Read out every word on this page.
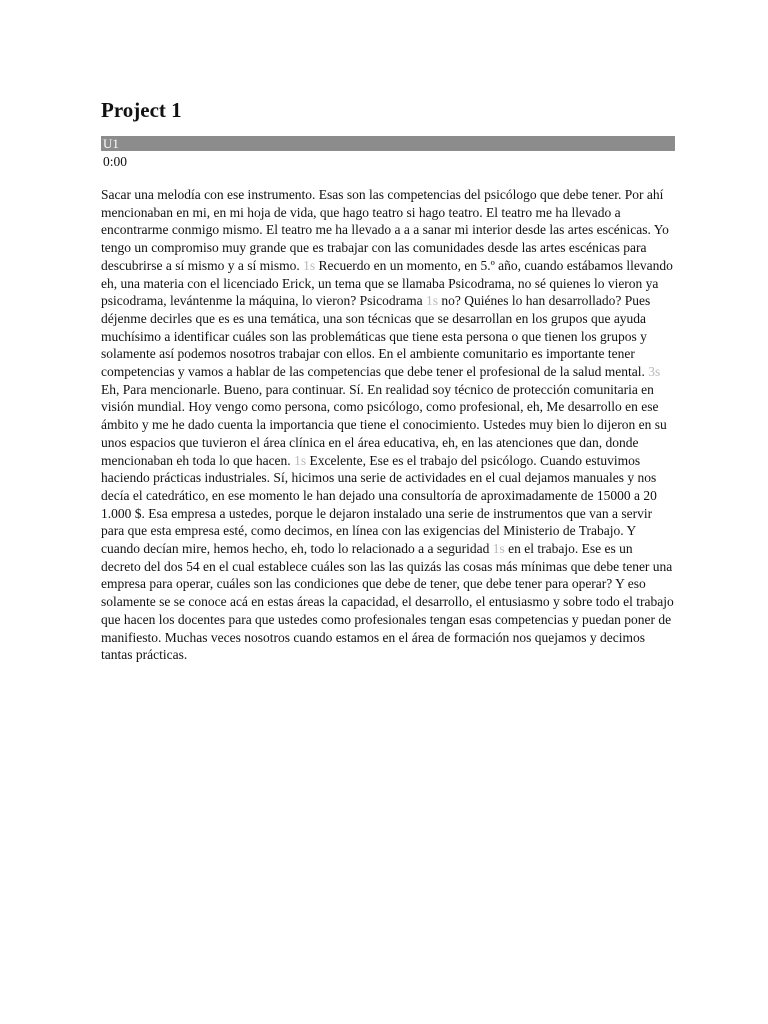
Project 1
U1
0:00
Sacar una melodía con ese instrumento. Esas son las competencias del psicólogo que debe tener. Por ahí mencionaban en mi, en mi hoja de vida, que hago teatro si hago teatro. El teatro me ha llevado a encontrarme conmigo mismo. El teatro me ha llevado a a a sanar mi interior desde las artes escénicas. Yo tengo un compromiso muy grande que es trabajar con las comunidades desde las artes escénicas para descubrirse a sí mismo y a sí mismo. 1s Recuerdo en un momento, en 5.º año, cuando estábamos llevando eh, una materia con el licenciado Erick, un tema que se llamaba Psicodrama, no sé quienes lo vieron ya psicodrama, levántenme la máquina, lo vieron? Psicodrama 1s no? Quiénes lo han desarrollado? Pues déjenme decirles que es es una temática, una son técnicas que se desarrollan en los grupos que ayuda muchísimo a identificar cuáles son las problemáticas que tiene esta persona o que tienen los grupos y solamente así podemos nosotros trabajar con ellos. En el ambiente comunitario es importante tener competencias y vamos a hablar de las competencias que debe tener el profesional de la salud mental. 3s Eh, Para mencionarle. Bueno, para continuar. Sí. En realidad soy técnico de protección comunitaria en visión mundial. Hoy vengo como persona, como psicólogo, como profesional, eh, Me desarrollo en ese ámbito y me he dado cuenta la importancia que tiene el conocimiento. Ustedes muy bien lo dijeron en su unos espacios que tuvieron el área clínica en el área educativa, eh, en las atenciones que dan, donde mencionaban eh toda lo que hacen. 1s Excelente, Ese es el trabajo del psicólogo. Cuando estuvimos haciendo prácticas industriales. Sí, hicimos una serie de actividades en el cual dejamos manuales y nos decía el catedrático, en ese momento le han dejado una consultoría de aproximadamente de 15000 a 20 1.000 $. Esa empresa a ustedes, porque le dejaron instalado una serie de instrumentos que van a servir para que esta empresa esté, como decimos, en línea con las exigencias del Ministerio de Trabajo. Y cuando decían mire, hemos hecho, eh, todo lo relacionado a a seguridad 1s en el trabajo. Ese es un decreto del dos 54 en el cual establece cuáles son las las quizás las cosas más mínimas que debe tener una empresa para operar, cuáles son las condiciones que debe de tener, que debe tener para operar? Y eso solamente se se conoce acá en estas áreas la capacidad, el desarrollo, el entusiasmo y sobre todo el trabajo que hacen los docentes para que ustedes como profesionales tengan esas competencias y puedan poner de manifiesto. Muchas veces nosotros cuando estamos en el área de formación nos quejamos y decimos tantas prácticas.
